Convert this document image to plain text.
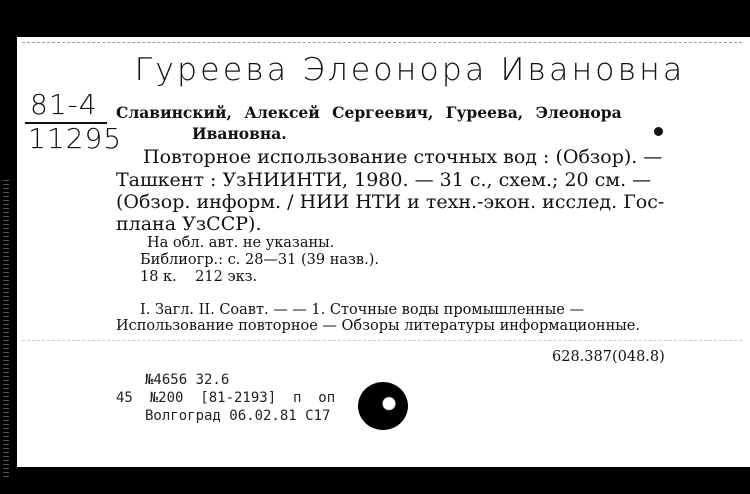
Гуреева Элеонора Ивановна
81-4
11295
Славинский, Алексей Сергеевич, Гуреева, Элеонора
Ивановна.
Повторное использование сточных вод : (Обзор). —
Ташкент : УзНИИНТИ, 1980. — 31 с., схем.; 20 см. —
(Обзор. информ. / НИИ НТИ и техн.-экон. исслед. Гос-
плана УзССР).
На обл. авт. не указаны.
Библиогр.: с. 28—31 (39 назв.).
18 к.    212 экз.
I. Загл. II. Соавт. — — 1. Сточные воды промышленные —
Использование повторное — Обзоры литературы информационные.
628.387(048.8)
№4656 32.6
45  №200  [81-2193]  п  оп
Волгоград 06.02.81 С17
